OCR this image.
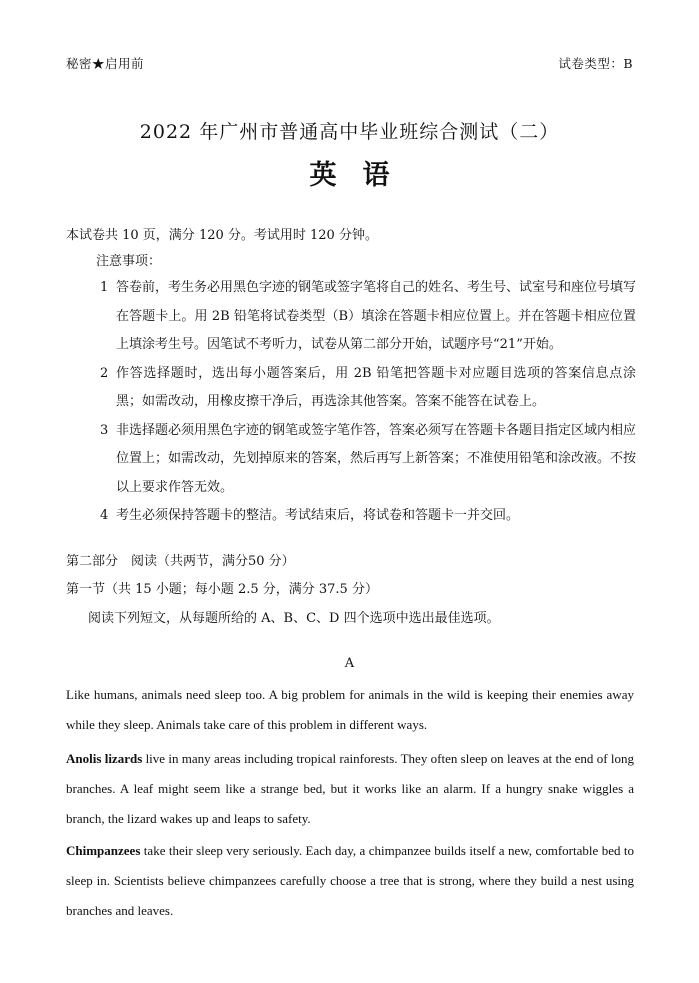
秘密★启用前	试卷类型：B
2022 年广州市普通高中毕业班综合测试（二）
英语
本试卷共 10 页，满分 120 分。考试用时 120 分钟。
注意事项：
1 答卷前，考生务必用黑色字迹的钢笔或签字笔将自己的姓名、考生号、试室号和座位号填写在答题卡上。用 2B 铅笔将试卷类型（B）填涂在答题卡相应位置上。并在答题卡相应位置上填涂考生号。因笔试不考听力，试卷从第二部分开始，试题序号“21”开始。
2 作答选择题时，选出每小题答案后，用 2B 铅笔把答题卡对应题目选项的答案信息点涂黑；如需改动，用橡皮擦干净后，再选涂其他答案。答案不能答在试卷上。
3 非选择题必须用黑色字迹的钢笔或签字笔作答，答案必须写在答题卡各题目指定区域内相应位置上；如需改动，先划掉原来的答案，然后再写上新答案；不准使用铅笔和涂改液。不按以上要求作答无效。
4 考生必须保持答题卡的整洁。考试结束后，将试卷和答题卡一并交回。
第二部分　阅读（共两节，满分50 分）
第一节（共 15 小题；每小题 2.5 分，满分 37.5 分）
阅读下列短文，从每题所给的 A、B、C、D 四个选项中选出最佳选项。
A

Like humans, animals need sleep too. A big problem for animals in the wild is keeping their enemies away while they sleep. Animals take care of this problem in different ways.

Anolis lizards live in many areas including tropical rainforests. They often sleep on leaves at the end of long branches. A leaf might seem like a strange bed, but it works like an alarm. If a hungry snake wiggles a branch, the lizard wakes up and leaps to safety.

Chimpanzees take their sleep very seriously. Each day, a chimpanzee builds itself a new, comfortable bed to sleep in. Scientists believe chimpanzees carefully choose a tree that is strong, where they build a nest using branches and leaves.
